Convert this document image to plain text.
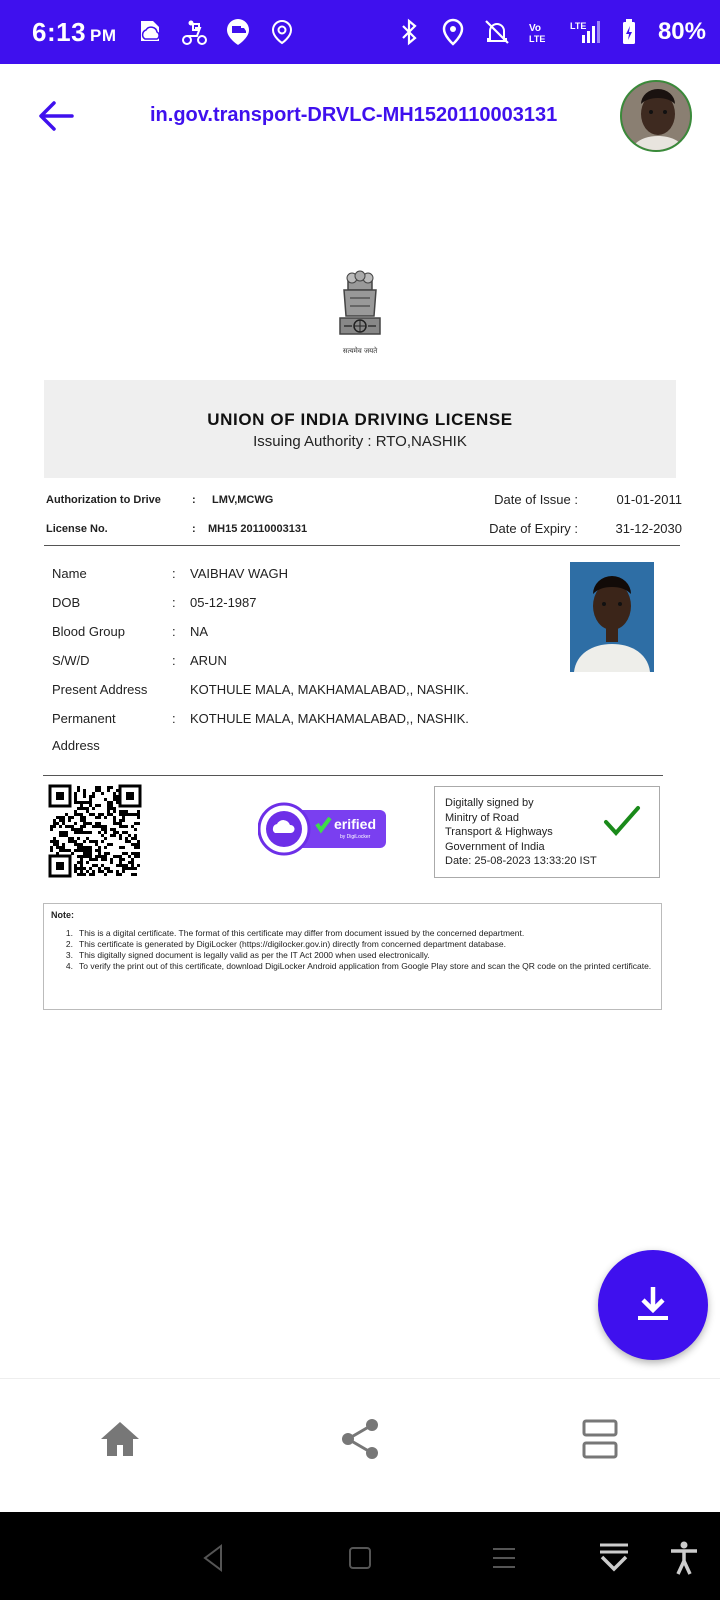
6:13 PM	Vo
LTE
LTE	80%
in.gov.transport-DRVLC-MH1520110003131
सत्यमेव जयते
UNION OF INDIA DRIVING LICENSE
Issuing Authority : RTO,NASHIK
Authorization to Drive	: LMV,MCWG	Date of Issue :	01-01-2011
License No.	: MH15 20110003131	Date of Expiry :	31-12-2030
Name	: VAIBHAV WAGH
DOB	: 05-12-1987
Blood Group	: NA
S/W/D	: ARUN
Present Address	KOTHULE MALA, MAKHAMALABAD,, NASHIK.
Permanent	: KOTHULE MALA, MAKHAMALABAD,, NASHIK.
Address
erified
by DigiLocker
Digitally signed by
Minitry of Road
Transport & Highways
Government of India
Date: 25-08-2023 13:33:20 IST
Note:
1. This is a digital certificate. The format of this certificate may differ from document issued by the concerned department.
2. This certificate is generated by DigiLocker (https://digilocker.gov.in) directly from concerned department database.
3. This digitally signed document is legally valid as per the IT Act 2000 when used electronically.
4. To verify the print out of this certificate, download DigiLocker Android application from Google Play store and scan the QR code on the printed certificate.
